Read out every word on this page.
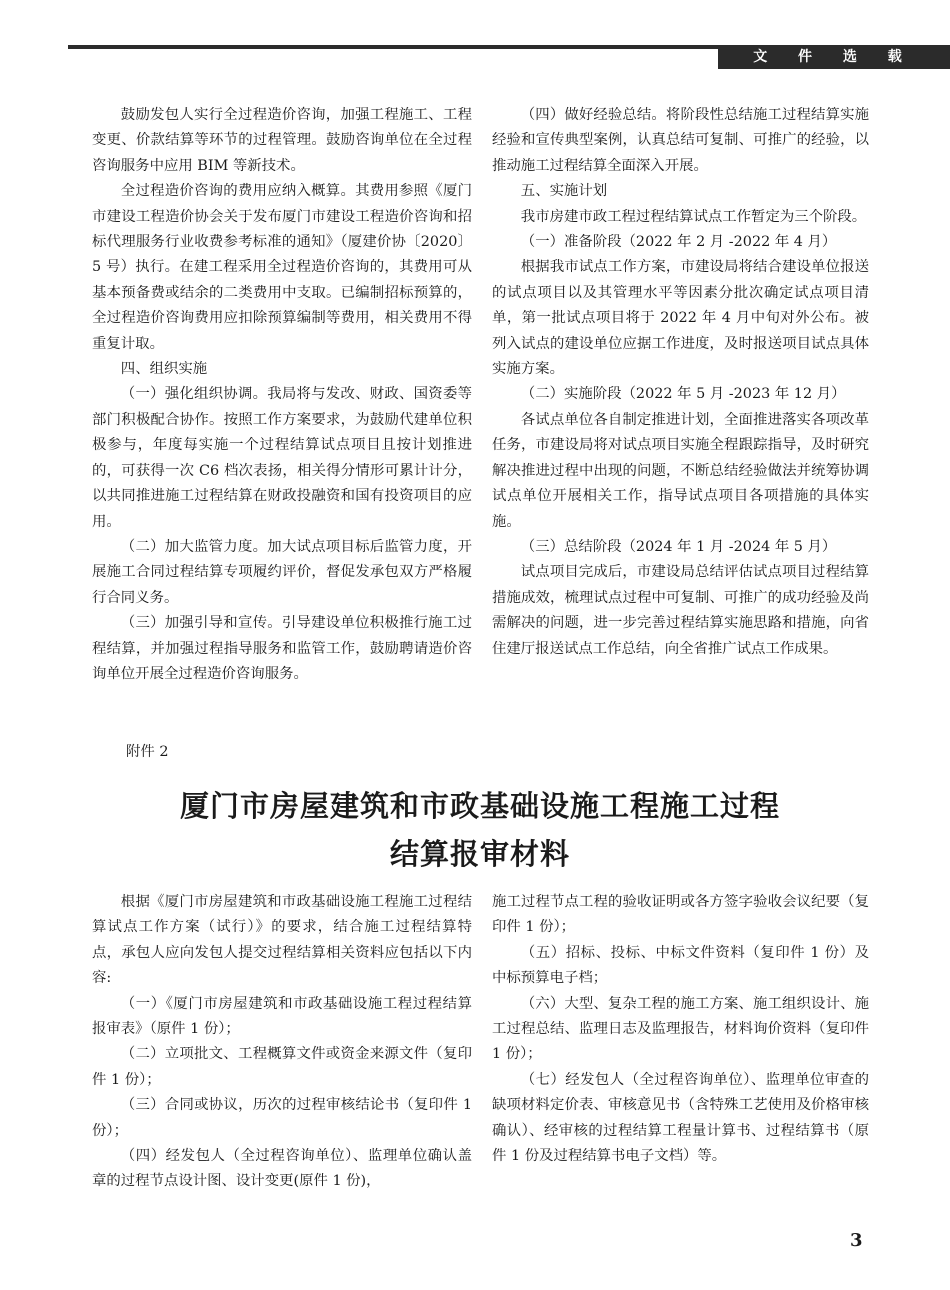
文 件 选 载

鼓励发包人实行全过程造价咨询，加强工程施工、工程变更、价款结算等环节的过程管理。鼓励咨询单位在全过程咨询服务中应用 BIM 等新技术。

全过程造价咨询的费用应纳入概算。其费用参照《厦门市建设工程造价协会关于发布厦门市建设工程造价咨询和招标代理服务行业收费参考标准的通知》（厦建价协〔2020〕5 号）执行。在建工程采用全过程造价咨询的，其费用可从基本预备费或结余的二类费用中支取。已编制招标预算的，全过程造价咨询费用应扣除预算编制等费用，相关费用不得重复计取。

四、组织实施

（一）强化组织协调。我局将与发改、财政、国资委等部门积极配合协作。按照工作方案要求，为鼓励代建单位积极参与，年度每实施一个过程结算试点项目且按计划推进的，可获得一次 C6 档次表扬，相关得分情形可累计计分，以共同推进施工过程结算在财政投融资和国有投资项目的应用。

（二）加大监管力度。加大试点项目标后监管力度，开展施工合同过程结算专项履约评价，督促发承包双方严格履行合同义务。

（三）加强引导和宣传。引导建设单位积极推行施工过程结算，并加强过程指导服务和监管工作，鼓励聘请造价咨询单位开展全过程造价咨询服务。

（四）做好经验总结。将阶段性总结施工过程结算实施经验和宣传典型案例，认真总结可复制、可推广的经验，以推动施工过程结算全面深入开展。

五、实施计划

我市房建市政工程过程结算试点工作暂定为三个阶段。

（一）准备阶段（2022 年 2 月 -2022 年 4 月）

根据我市试点工作方案，市建设局将结合建设单位报送的试点项目以及其管理水平等因素分批次确定试点项目清单，第一批试点项目将于 2022 年 4 月中旬对外公布。被列入试点的建设单位应据工作进度，及时报送项目试点具体实施方案。

（二）实施阶段（2022 年 5 月 -2023 年 12 月）

各试点单位各自制定推进计划，全面推进落实各项改革任务，市建设局将对试点项目实施全程跟踪指导，及时研究解决推进过程中出现的问题，不断总结经验做法并统筹协调试点单位开展相关工作，指导试点项目各项措施的具体实施。

（三）总结阶段（2024 年 1 月 -2024 年 5 月）

试点项目完成后，市建设局总结评估试点项目过程结算措施成效，梳理试点过程中可复制、可推广的成功经验及尚需解决的问题，进一步完善过程结算实施思路和措施，向省住建厅报送试点工作总结，向全省推广试点工作成果。

附件 2
厦门市房屋建筑和市政基础设施工程施工过程
结算报审材料

根据《厦门市房屋建筑和市政基础设施工程施工过程结算试点工作方案（试行）》的要求，结合施工过程结算特点，承包人应向发包人提交过程结算相关资料应包括以下内容:

（一）《厦门市房屋建筑和市政基础设施工程过程结算报审表》（原件 1 份）；

（二）立项批文、工程概算文件或资金来源文件（复印件 1 份）；

（三）合同或协议，历次的过程审核结论书（复印件 1 份）；

（四）经发包人（全过程咨询单位）、监理单位确认盖章的过程节点设计图、设计变更(原件 1 份)，

施工过程节点工程的验收证明或各方签字验收会议纪要（复印件 1 份）；

（五）招标、投标、中标文件资料（复印件 1 份）及中标预算电子档；

（六）大型、复杂工程的施工方案、施工组织设计、施工过程总结、监理日志及监理报告，材料询价资料（复印件 1 份）；

（七）经发包人（全过程咨询单位）、监理单位审查的缺项材料定价表、审核意见书（含特殊工艺使用及价格审核确认）、经审核的过程结算工程量计算书、过程结算书（原件 1 份及过程结算书电子文档）等。

3
